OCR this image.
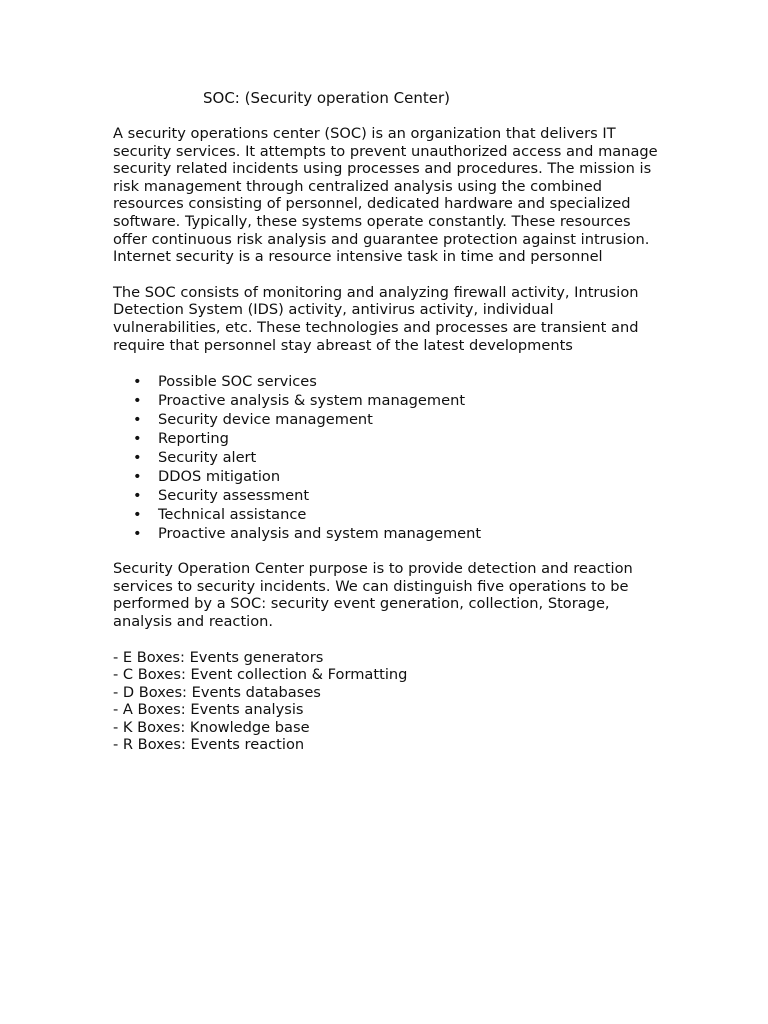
SOC: (Security operation Center)

A security operations center (SOC) is an organization that delivers IT security services. It attempts to prevent unauthorized access and manage security related incidents using processes and procedures. The mission is risk management through centralized analysis using the combined resources consisting of personnel, dedicated hardware and specialized software. Typically, these systems operate constantly. These resources offer continuous risk analysis and guarantee protection against intrusion. Internet security is a resource intensive task in time and personnel

The SOC consists of monitoring and analyzing firewall activity, Intrusion Detection System (IDS) activity, antivirus activity, individual vulnerabilities, etc. These technologies and processes are transient and require that personnel stay abreast of the latest developments

• Possible SOC services
• Proactive analysis & system management
• Security device management
• Reporting
• Security alert
• DDOS mitigation
• Security assessment
• Technical assistance
• Proactive analysis and system management

Security Operation Center purpose is to provide detection and reaction services to security incidents. We can distinguish five operations to be performed by a SOC: security event generation, collection, Storage, analysis and reaction.

- E Boxes: Events generators
- C Boxes: Event collection & Formatting
- D Boxes: Events databases
- A Boxes: Events analysis
- K Boxes: Knowledge base
- R Boxes: Events reaction
